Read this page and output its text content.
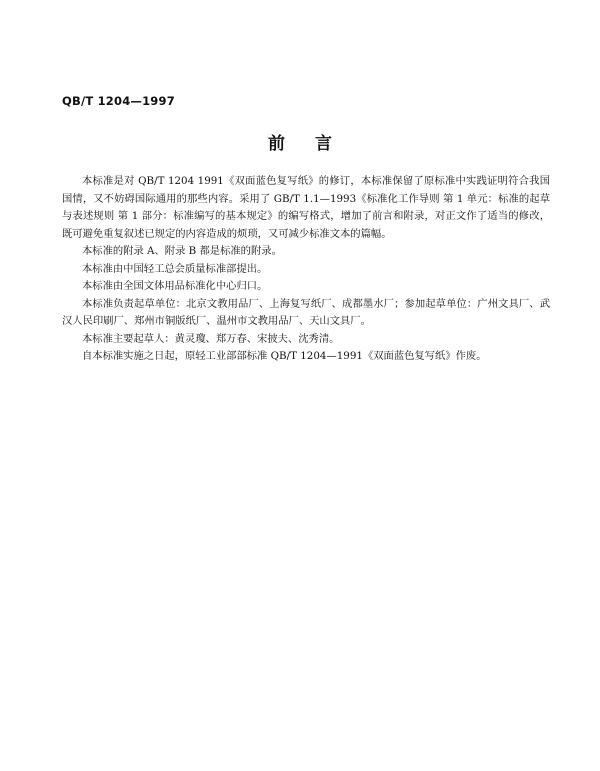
QB/T 1204—1997
前言

本标准是对 QB/T 1204 1991《双面蓝色复写纸》的修订，本标准保留了原标准中实践证明符合我国国情，又不妨碍国际通用的那些内容。采用了 GB/T 1.1—1993《标准化工作导则 第 1 单元：标准的起草与表述规则 第 1 部分：标准编写的基本规定》的编写格式，增加了前言和附录，对正文作了适当的修改，既可避免重复叙述已规定的内容造成的烦琐，又可减少标准文本的篇幅。

本标准的附录 A、附录 B 都是标准的附录。

本标准由中国轻工总会质量标准部提出。

本标准由全国文体用品标准化中心归口。

本标准负责起草单位：北京文教用品厂、上海复写纸厂、成都墨水厂；参加起草单位：广州文具厂、武汉人民印刷厂、郑州市铜版纸厂、温州市文教用品厂、天山文具厂。

本标准主要起草人：黄灵瓊、郑万春、宋披夫、沈秀清。

自本标准实施之日起，原轻工业部部标准 QB/T 1204—1991《双面蓝色复写纸》作废。
